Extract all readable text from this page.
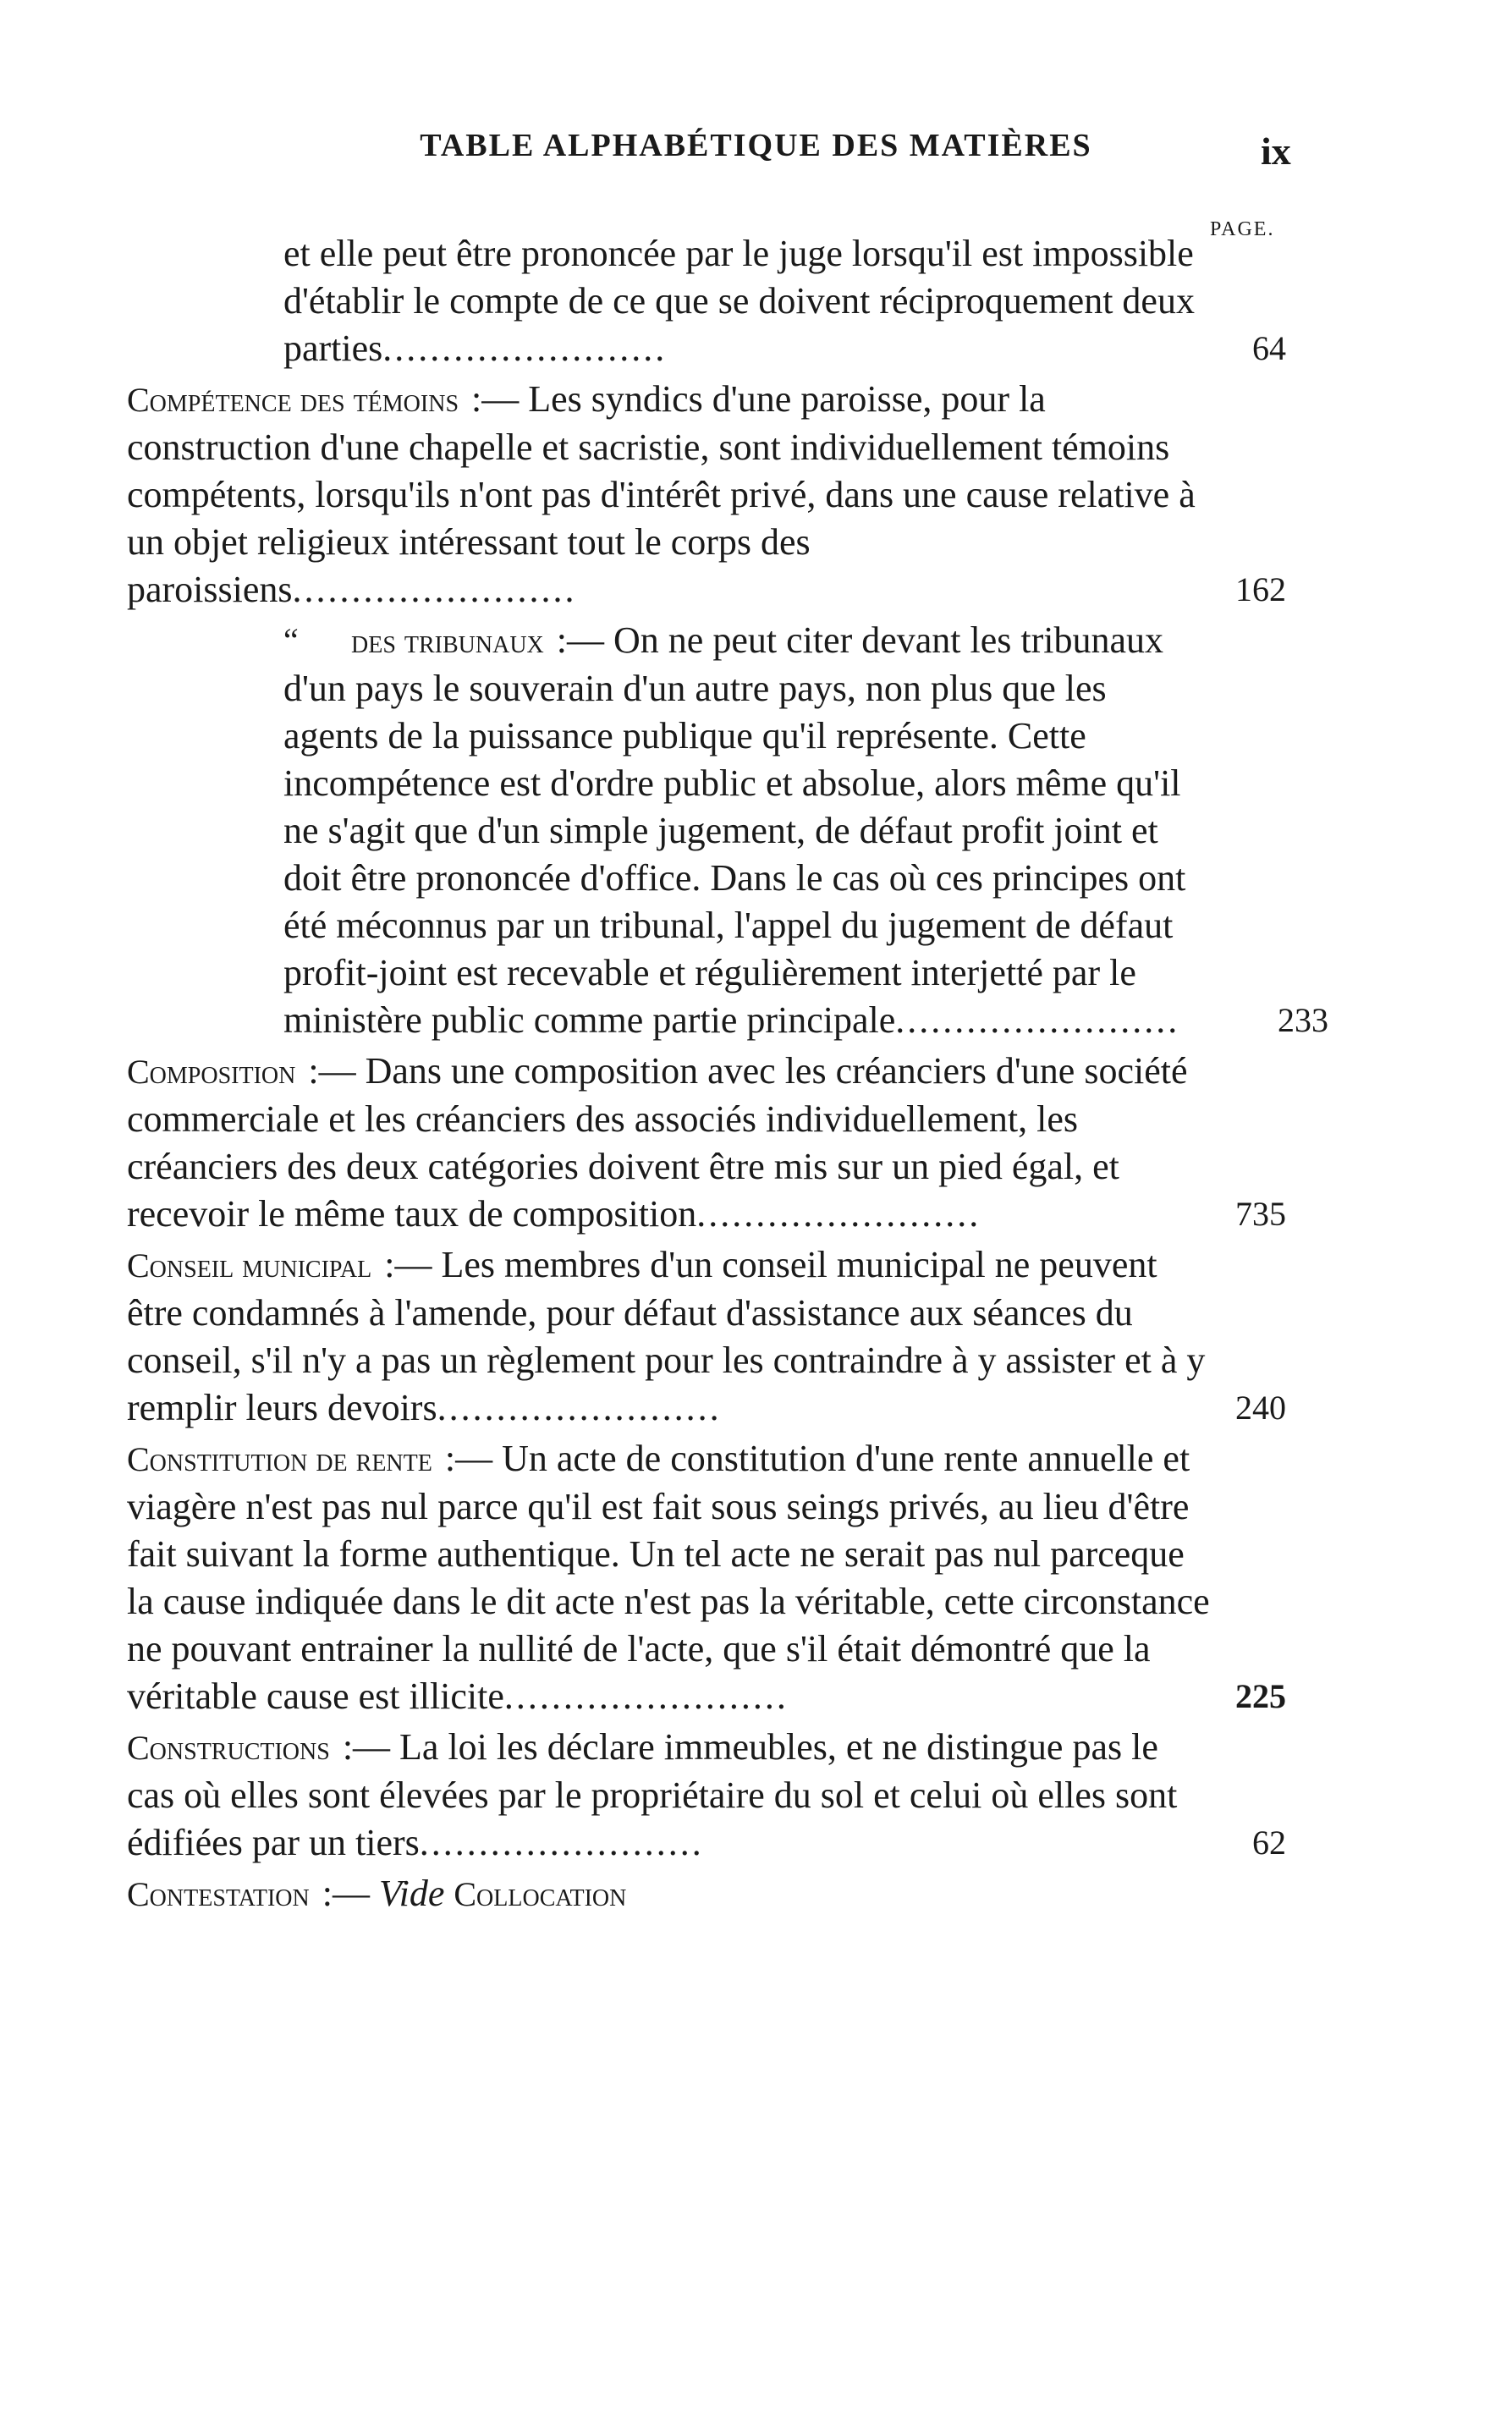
TABLE ALPHABÉTIQUE DES MATIÈRES	ix
PAGE.
et elle peut être prononcée par le juge lorsqu'il est impossible d'établir le compte de ce que se doivent réciproquement deux parties........................	64
Compétence des témoins :— Les syndics d'une paroisse, pour la construction d'une chapelle et sacristie, sont individuellement témoins compétents, lorsqu'ils n'ont pas d'intérêt privé, dans une cause relative à un objet religieux intéressant tout le corps des paroissiens........................	162
“ des tribunaux :— On ne peut citer devant les tribunaux d'un pays le souverain d'un autre pays, non plus que les agents de la puissance publique qu'il représente. Cette incompétence est d'ordre public et absolue, alors même qu'il ne s'agit que d'un simple jugement, de défaut profit joint et doit être prononcée d'office. Dans le cas où ces principes ont été méconnus par un tribunal, l'appel du jugement de défaut profit-joint est recevable et régulièrement interjetté par le ministère public comme partie principale........................	233
Composition :— Dans une composition avec les créanciers d'une société commerciale et les créanciers des associés individuellement, les créanciers des deux catégories doivent être mis sur un pied égal, et recevoir le même taux de composition........................	735
Conseil municipal :— Les membres d'un conseil municipal ne peuvent être condamnés à l'amende, pour défaut d'assistance aux séances du conseil, s'il n'y a pas un règlement pour les contraindre à y assister et à y remplir leurs devoirs........................	240
Constitution de rente :— Un acte de constitution d'une rente annuelle et viagère n'est pas nul parce qu'il est fait sous seings privés, au lieu d'être fait suivant la forme authentique. Un tel acte ne serait pas nul parceque la cause indiquée dans le dit acte n'est pas la véritable, cette circonstance ne pouvant entrainer la nullité de l'acte, que s'il était démontré que la véritable cause est illicite........................	225
Constructions :— La loi les déclare immeubles, et ne distingue pas le cas où elles sont élevées par le propriétaire du sol et celui où elles sont édifiées par un tiers........................	62
Contestation :— Vide Collocation
